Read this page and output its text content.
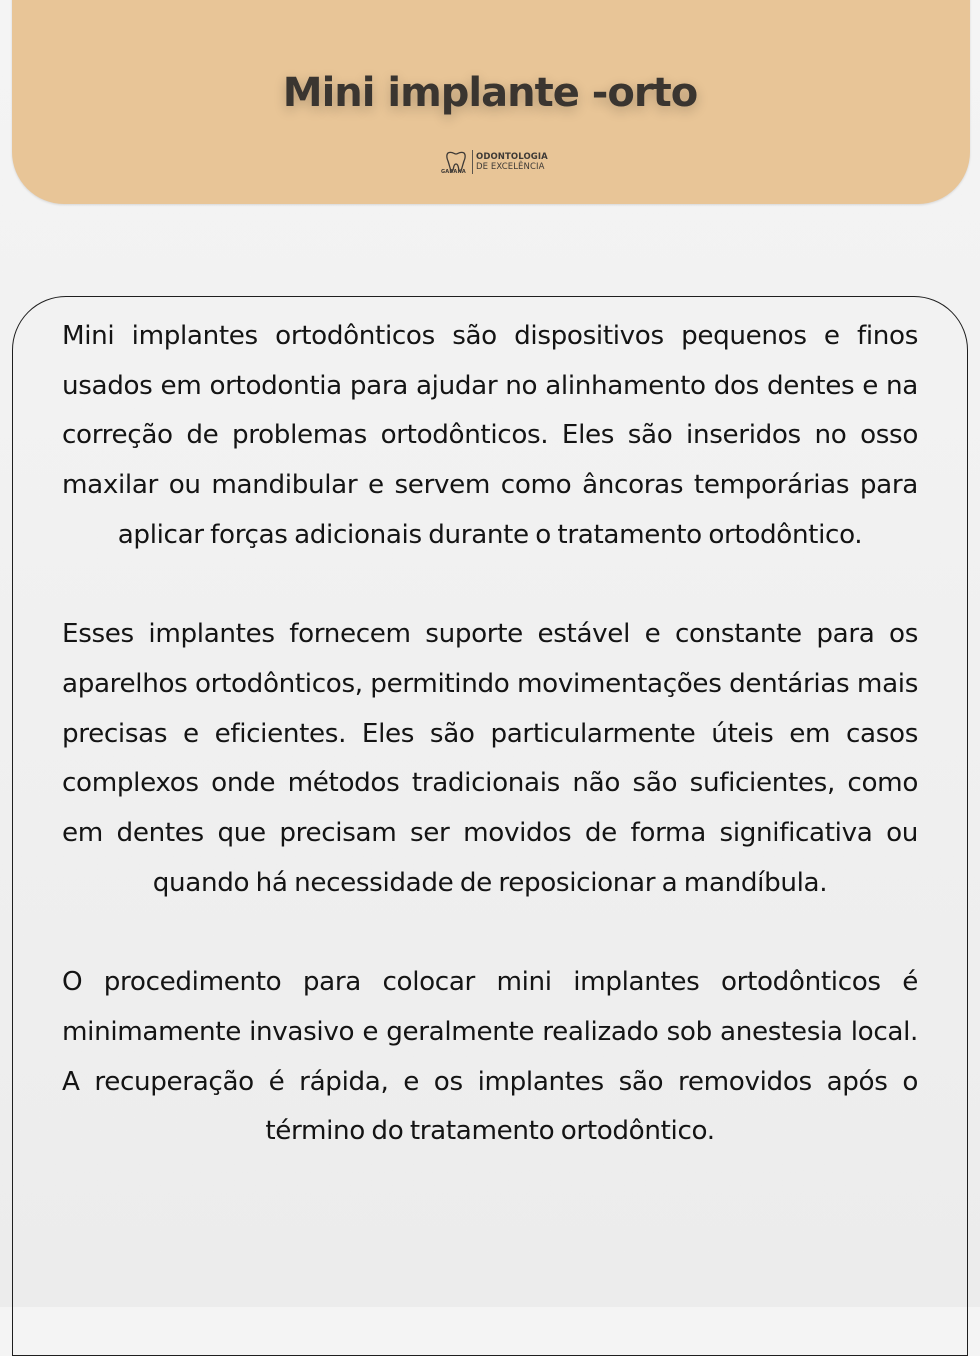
Mini implante -orto
GABANA
ODONTOLOGIA
DE EXCELÊNCIA

Mini implantes ortodônticos são dispositivos pequenos e finos usados em ortodontia para ajudar no alinhamento dos dentes e na correção de problemas ortodônticos. Eles são inseridos no osso maxilar ou mandibular e servem como âncoras temporárias para aplicar forças adicionais durante o tratamento ortodôntico.

Esses implantes fornecem suporte estável e constante para os aparelhos ortodônticos, permitindo movimentações dentárias mais precisas e eficientes. Eles são particularmente úteis em casos complexos onde métodos tradicionais não são suficientes, como em dentes que precisam ser movidos de forma significativa ou quando há necessidade de reposicionar a mandíbula.

O procedimento para colocar mini implantes ortodônticos é minimamente invasivo e geralmente realizado sob anestesia local. A recuperação é rápida, e os implantes são removidos após o término do tratamento ortodôntico.
